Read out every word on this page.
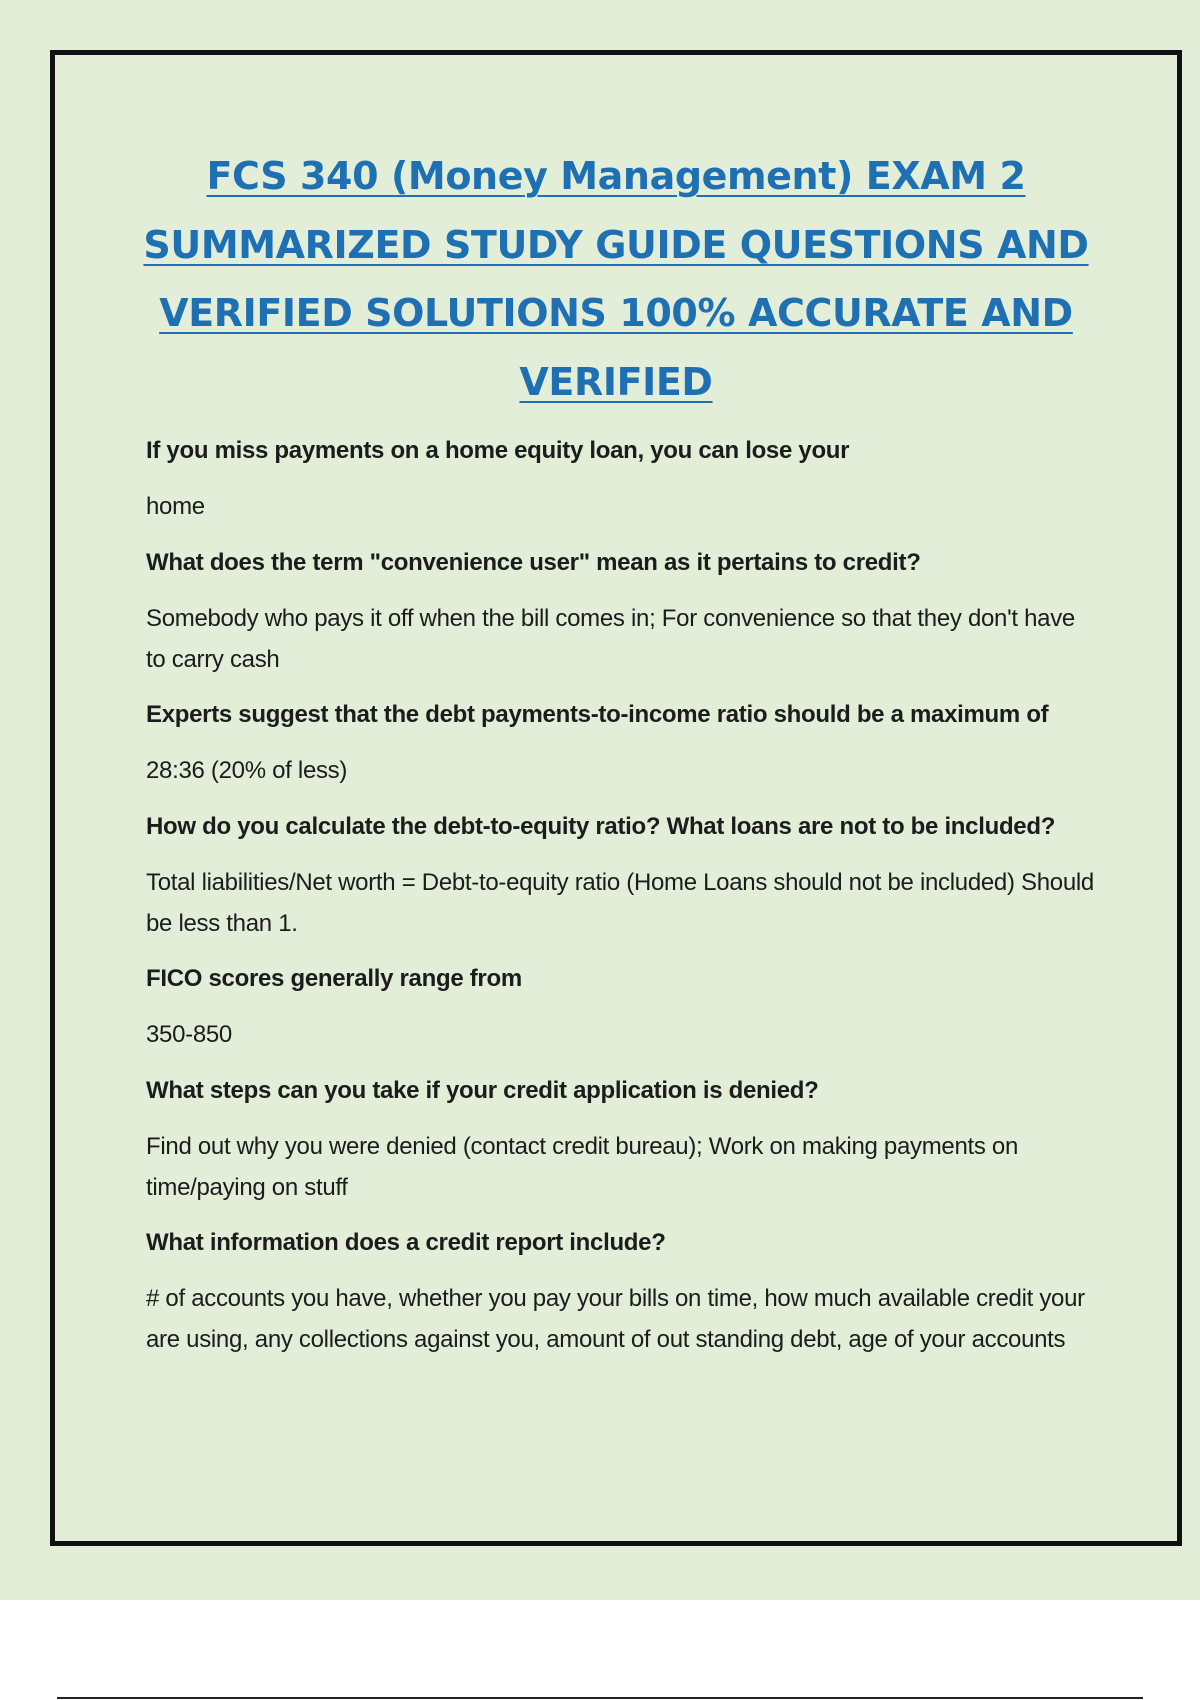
FCS 340 (Money Management) EXAM 2 SUMMARIZED STUDY GUIDE QUESTIONS AND VERIFIED SOLUTIONS 100% ACCURATE AND VERIFIED

If you miss payments on a home equity loan, you can lose your

home

What does the term "convenience user" mean as it pertains to credit?

Somebody who pays it off when the bill comes in; For convenience so that they don't have to carry cash

Experts suggest that the debt payments-to-income ratio should be a maximum of

28:36 (20% of less)

How do you calculate the debt-to-equity ratio? What loans are not to be included?

Total liabilities/Net worth = Debt-to-equity ratio (Home Loans should not be included) Should be less than 1.

FICO scores generally range from

350-850

What steps can you take if your credit application is denied?

Find out why you were denied (contact credit bureau); Work on making payments on time/paying on stuff

What information does a credit report include?

# of accounts you have, whether you pay your bills on time, how much available credit your are using, any collections against you, amount of out standing debt, age of your accounts
